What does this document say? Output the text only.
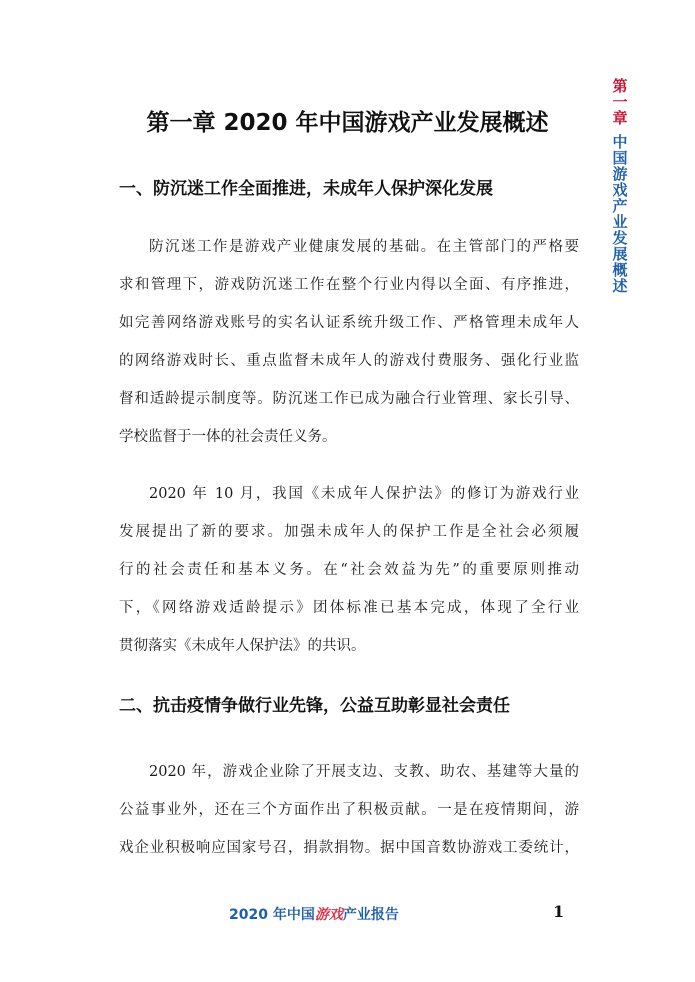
第
一
章
中
国
游
戏
产
业
发
展
概
述
第一章 2020 年中国游戏产业发展概述
一、防沉迷工作全面推进，未成年人保护深化发展
防沉迷工作是游戏产业健康发展的基础。在主管部门的严格要
求和管理下，游戏防沉迷工作在整个行业内得以全面、有序推进，
如完善网络游戏账号的实名认证系统升级工作、严格管理未成年人
的网络游戏时长、重点监督未成年人的游戏付费服务、强化行业监
督和适龄提示制度等。防沉迷工作已成为融合行业管理、家长引导、
学校监督于一体的社会责任义务。
2020 年 10 月，我国《未成年人保护法》的修订为游戏行业
发展提出了新的要求。加强未成年人的保护工作是全社会必须履
行的社会责任和基本义务。在“社会效益为先”的重要原则推动
下，《网络游戏适龄提示》团体标准已基本完成，体现了全行业
贯彻落实《未成年人保护法》的共识。
二、抗击疫情争做行业先锋，公益互助彰显社会责任
2020 年，游戏企业除了开展支边、支教、助农、基建等大量的
公益事业外，还在三个方面作出了积极贡献。一是在疫情期间，游
戏企业积极响应国家号召，捐款捐物。据中国音数协游戏工委统计，
2020 年中国游戏产业报告	1
